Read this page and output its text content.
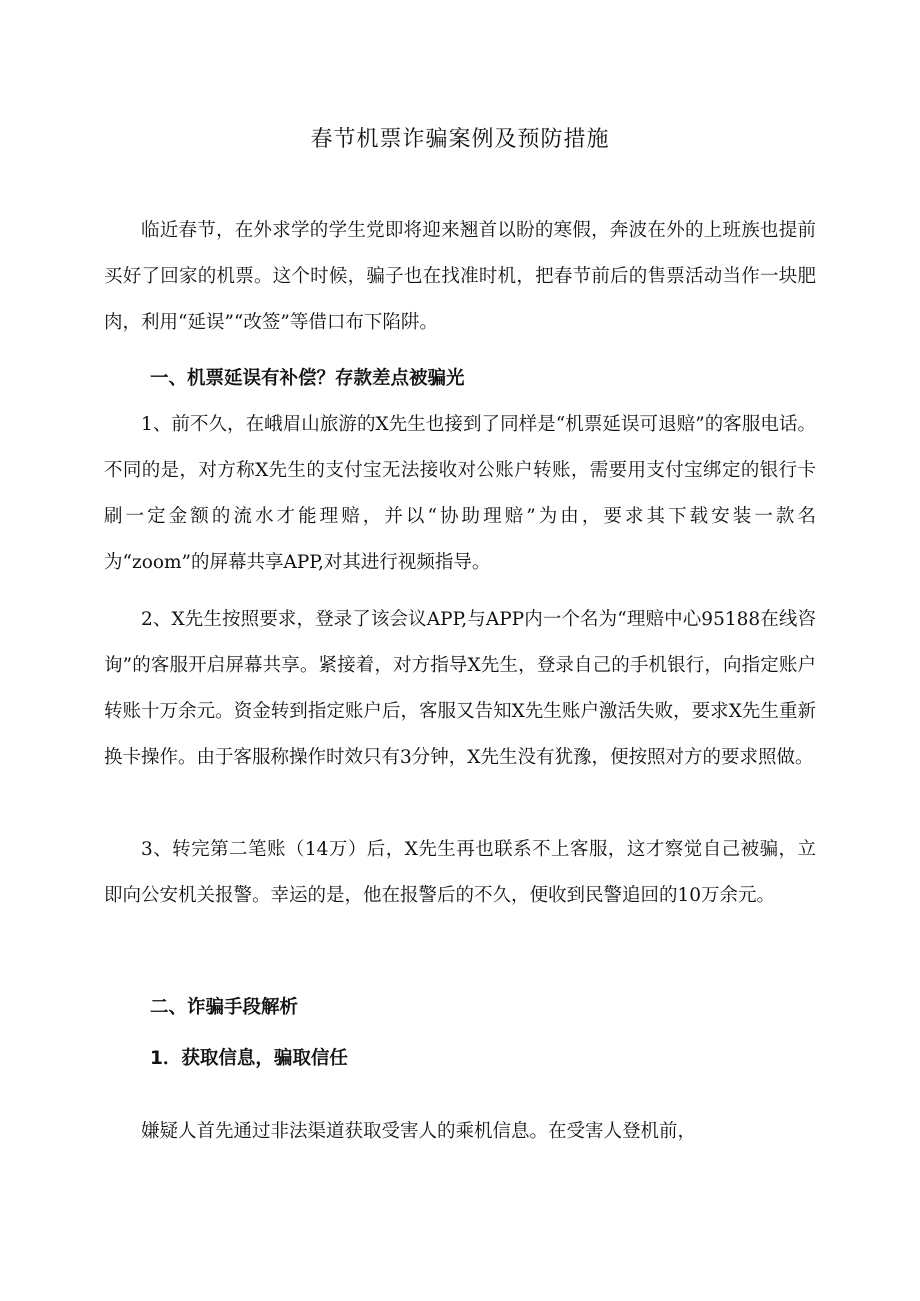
春节机票诈骗案例及预防措施

临近春节，在外求学的学生党即将迎来翘首以盼的寒假，奔波在外的上班族也提前买好了回家的机票。这个时候，骗子也在找准时机，把春节前后的售票活动当作一块肥肉，利用“延误”“改签”等借口布下陷阱。

一、机票延误有补偿？存款差点被骗光

1、前不久，在峨眉山旅游的X先生也接到了同样是“机票延误可退赔”的客服电话。不同的是，对方称X先生的支付宝无法接收对公账户转账，需要用支付宝绑定的银行卡刷一定金额的流水才能理赔，并以“协助理赔”为由，要求其下载安装一款名为“zoom”的屏幕共享APP,对其进行视频指导。

2、X先生按照要求，登录了该会议APP,与APP内一个名为“理赔中心95188在线咨询”的客服开启屏幕共享。紧接着，对方指导X先生，登录自己的手机银行，向指定账户转账十万余元。资金转到指定账户后，客服又告知X先生账户激活失败，要求X先生重新换卡操作。由于客服称操作时效只有3分钟，X先生没有犹豫，便按照对方的要求照做。

3、转完第二笔账（14万）后，X先生再也联系不上客服，这才察觉自己被骗，立即向公安机关报警。幸运的是，他在报警后的不久，便收到民警追回的10万余元。

二、诈骗手段解析
1．获取信息，骗取信任

嫌疑人首先通过非法渠道获取受害人的乘机信息。在受害人登机前，
